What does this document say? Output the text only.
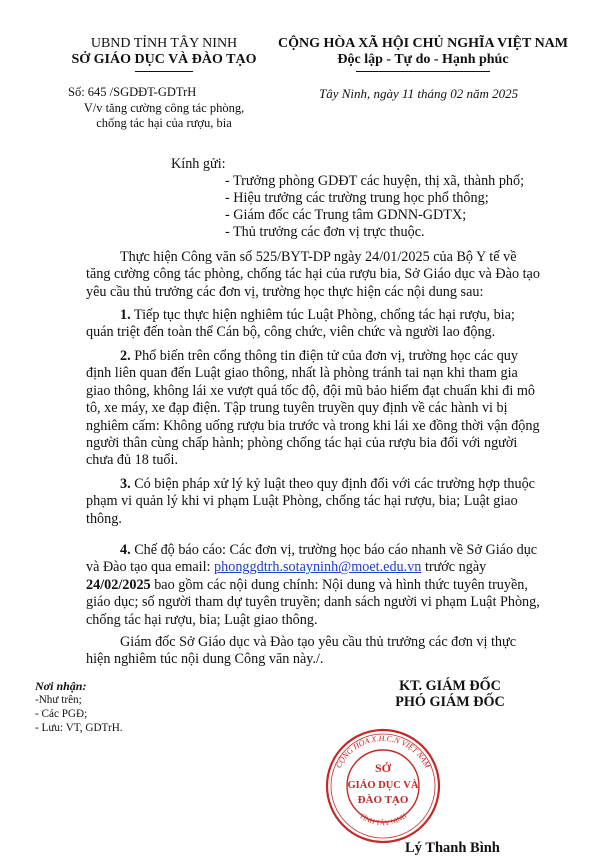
UBND TỈNH TÂY NINH
SỞ GIÁO DỤC VÀ ĐÀO TẠO
Số: 645 /SGDĐT-GDTrH
V/v tăng cường công tác phòng,
chống tác hại của rượu, bia
CỘNG HÒA XÃ HỘI CHỦ NGHĨA VIỆT NAM
Độc lập - Tự do - Hạnh phúc
Tây Ninh, ngày 11 tháng 02 năm 2025
Kính gửi:
- Trưởng phòng GDĐT các huyện, thị xã, thành phố;
- Hiệu trưởng các trường trung học phổ thông;
- Giám đốc các Trung tâm GDNN-GDTX;
- Thủ trưởng các đơn vị trực thuộc.
Thực hiện Công văn số 525/BYT-DP ngày 24/01/2025 của Bộ Y tế về
tăng cường công tác phòng, chống tác hại của rượu bia, Sở Giáo dục và Đào tạo
yêu cầu thủ trưởng các đơn vị, trường học thực hiện các nội dung sau:
1. Tiếp tục thực hiện nghiêm túc Luật Phòng, chống tác hại rượu, bia;
quán triệt đến toàn thể Cán bộ, công chức, viên chức và người lao động.
2. Phổ biến trên cổng thông tin điện tử của đơn vị, trường học các quy
định liên quan đến Luật giao thông, nhất là phòng tránh tai nạn khi tham gia
giao thông, không lái xe vượt quá tốc độ, đội mũ bảo hiểm đạt chuẩn khi đi mô
tô, xe máy, xe đạp điện. Tập trung tuyên truyền quy định về các hành vi bị
nghiêm cấm: Không uống rượu bia trước và trong khi lái xe đồng thời vận động
người thân cùng chấp hành; phòng chống tác hại của rượu bia đối với người
chưa đủ 18 tuổi.
3. Có biện pháp xử lý kỷ luật theo quy định đối với các trường hợp thuộc
phạm vi quản lý khi vi phạm Luật Phòng, chống tác hại rượu, bia; Luật giao
thông.
4. Chế độ báo cáo: Các đơn vị, trường học báo cáo nhanh về Sở Giáo dục
và Đào tạo qua email: phonggdtrh.sotayninh@moet.edu.vn trước ngày
24/02/2025 bao gồm các nội dung chính: Nội dung và hình thức tuyên truyền,
giáo dục; số người tham dự tuyên truyền; danh sách người vi phạm Luật Phòng,
chống tác hại rượu, bia; Luật giao thông.
Giám đốc Sở Giáo dục và Đào tạo yêu cầu thủ trưởng các đơn vị thực
hiện nghiêm túc nội dung Công văn này./.
Nơi nhận:
-Như trên;
- Các PGĐ;
- Lưu: VT, GDTrH.
KT. GIÁM ĐỐC
PHÓ GIÁM ĐỐC
CỘNG HÒA X.H.C.N VIỆT NAM
TỈNH TÂY NINH
SỞ
GIÁO DỤC VÀ
ĐÀO TẠO
Lý Thanh Bình
